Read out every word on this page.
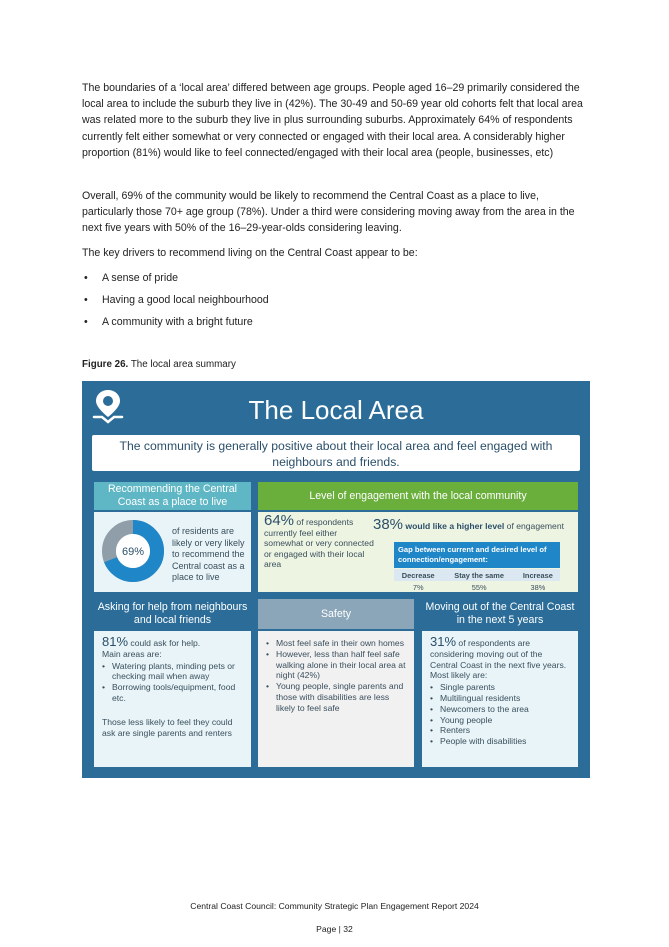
The boundaries of a ‘local area’ differed between age groups. People aged 16–29 primarily considered the local area to include the suburb they live in (42%). The 30-49 and 50-69 year old cohorts felt that local area was related more to the suburb they live in plus surrounding suburbs. Approximately 64% of respondents currently felt either somewhat or very connected or engaged with their local area. A considerably higher proportion (81%) would like to feel connected/engaged with their local area (people, businesses, etc)

Overall, 69% of the community would be likely to recommend the Central Coast as a place to live, particularly those 70+ age group (78%). Under a third were considering moving away from the area in the next five years with 50% of the 16–29-year-olds considering leaving.

The key drivers to recommend living on the Central Coast appear to be:

• A sense of pride
• Having a good local neighbourhood
• A community with a bright future
Figure 26. The local area summary
The Local Area
The community is generally positive about their local area and feel engaged with neighbours and friends.
Recommending the Central Coast as a place to live
69%
of residents are likely or very likely to recommend the Central coast as a place to live
Level of engagement with the local community
64% of respondents currently feel either somewhat or very connected or engaged with their local area
38% would like a higher level of engagement
Gap between current and desired level of connection/engagement:
Decrease	Stay the same	Increase
7%	55%	38%
Asking for help from neighbours and local friends
81% could ask for help.
Main areas are:
• Watering plants, minding pets or checking mail when away
• Borrowing tools/equipment, food etc.
Those less likely to feel they could ask are single parents and renters
Safety
• Most feel safe in their own homes
• However, less than half feel safe walking alone in their local area at night (42%)
• Young people, single parents and those with disabilities are less likely to feel safe
Moving out of the Central Coast in the next 5 years
31% of respondents are considering moving out of the Central Coast in the next five years. Most likely are:
• Single parents
• Multilingual residents
• Newcomers to the area
• Young people
• Renters
• People with disabilities
Central Coast Council: Community Strategic Plan Engagement Report 2024
Page | 32
